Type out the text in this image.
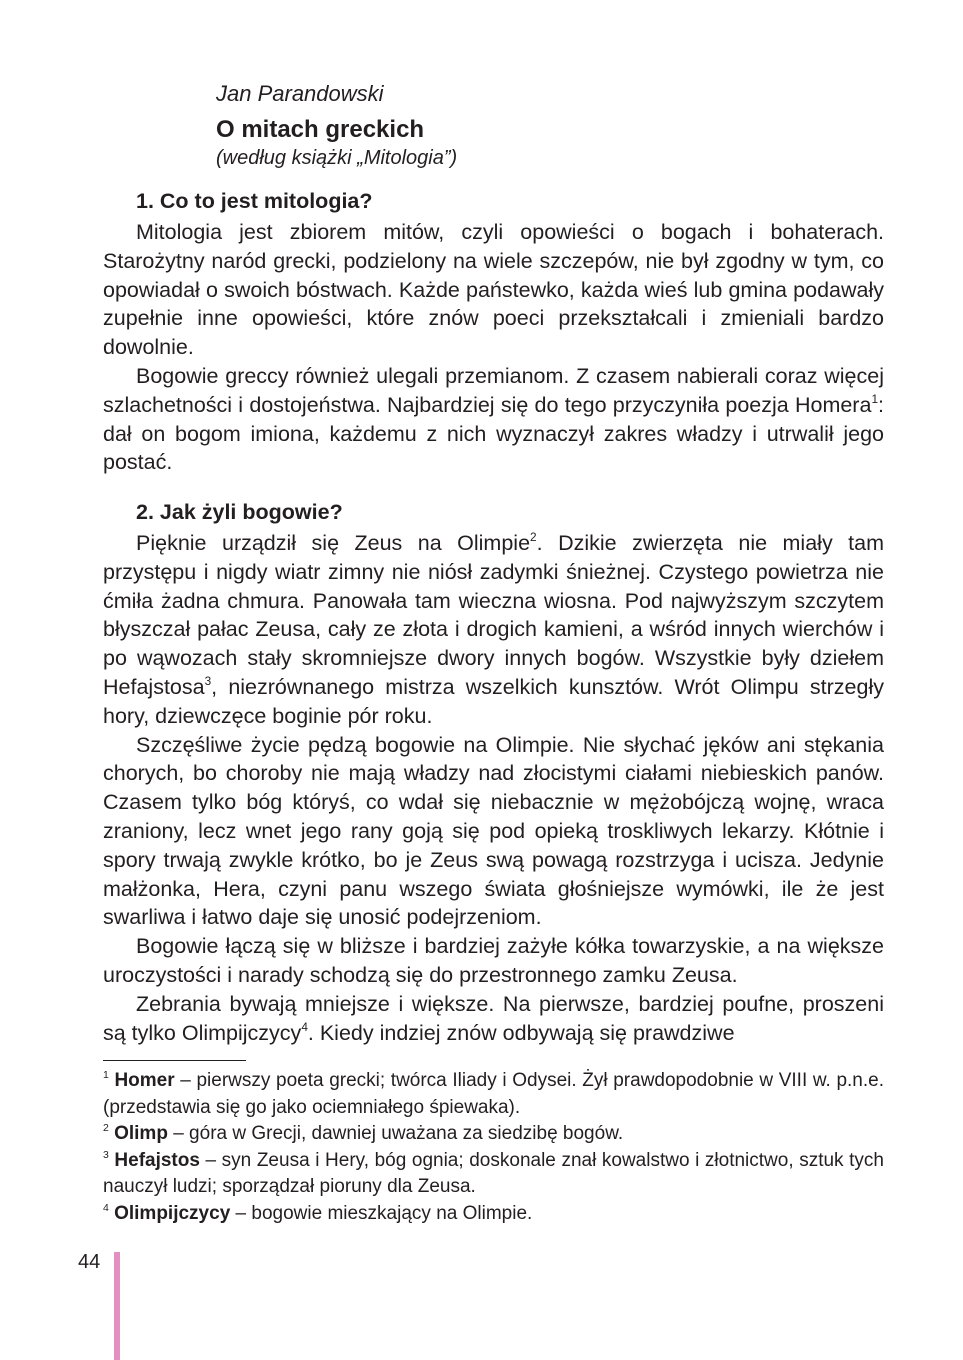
Jan Parandowski
O mitach greckich
(według książki „Mitologia”)
1. Co to jest mitologia?

Mitologia jest zbiorem mitów, czyli opowieści o bogach i bohaterach. Starożytny naród grecki, podzielony na wiele szczepów, nie był zgodny w tym, co opowiadał o swoich bóstwach. Każde państewko, każda wieś lub gmina podawały zupełnie inne opowieści, które znów poeci przekształcali i zmieniali bardzo dowolnie.

Bogowie greccy również ulegali przemianom. Z czasem nabierali coraz więcej szlachetności i dostojeństwa. Najbardziej się do tego przyczyniła poezja Homera$^1$: dał on bogom imiona, każdemu z nich wyznaczył zakres władzy i utrwalił jego postać.

2. Jak żyli bogowie?

Pięknie urządził się Zeus na Olimpie$^2$. Dzikie zwierzęta nie miały tam przystępu i nigdy wiatr zimny nie niósł zadymki śnieżnej. Czystego powietrza nie ćmiła żadna chmura. Panowała tam wieczna wiosna. Pod najwyższym szczytem błyszczał pałac Zeusa, cały ze złota i drogich kamieni, a wśród innych wierchów i po wąwozach stały skromniejsze dwory innych bogów. Wszystkie były dziełem Hefajstosa$^3$, niezrównanego mistrza wszelkich kunsztów. Wrót Olimpu strzegły hory, dziewczęce boginie pór roku.

Szczęśliwe życie pędzą bogowie na Olimpie. Nie słychać jęków ani stękania chorych, bo choroby nie mają władzy nad złocistymi ciałami niebieskich panów. Czasem tylko bóg któryś, co wdał się niebacznie w mężobójczą wojnę, wraca zraniony, lecz wnet jego rany goją się pod opieką troskliwych lekarzy. Kłótnie i spory trwają zwykle krótko, bo je Zeus swą powagą rozstrzyga i ucisza. Jedynie małżonka, Hera, czyni panu wszego świata głośniejsze wymówki, ile że jest swarliwa i łatwo daje się unosić podejrzeniom.

Bogowie łączą się w bliższe i bardziej zażyłe kółka towarzyskie, a na większe uroczystości i narady schodzą się do przestronnego zamku Zeusa.

Zebrania bywają mniejsze i większe. Na pierwsze, bardziej poufne, proszeni są tylko Olimpijczycy$^4$. Kiedy indziej znów odbywają się prawdziwe

$^1$ Homer – pierwszy poeta grecki; twórca Iliady i Odysei. Żył prawdopodobnie w VIII w. p.n.e. (przedstawia się go jako ociemniałego śpiewaka).

$^2$ Olimp – góra w Grecji, dawniej uważana za siedzibę bogów.

$^3$ Hefajstos – syn Zeusa i Hery, bóg ognia; doskonale znał kowalstwo i złotnictwo, sztuk tych nauczył ludzi; sporządzał pioruny dla Zeusa.

$^4$ Olimpijczycy – bogowie mieszkający na Olimpie.

44
